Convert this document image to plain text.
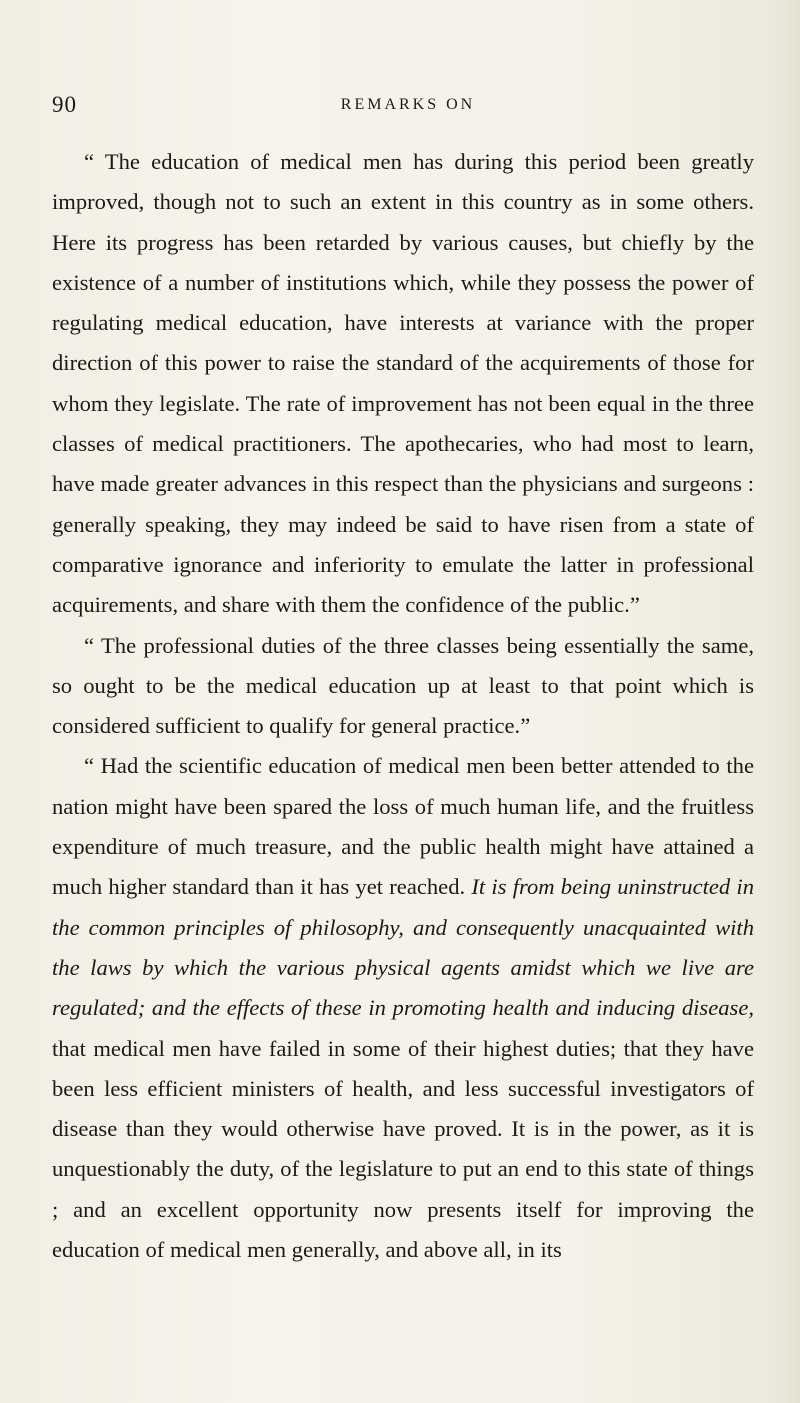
90	REMARKS ON

“ The education of medical men has during this period been greatly improved, though not to such an extent in this country as in some others. Here its progress has been retarded by various causes, but chiefly by the existence of a number of institutions which, while they possess the power of regulating medical education, have interests at variance with the proper direction of this power to raise the standard of the acquirements of those for whom they legislate. The rate of improvement has not been equal in the three classes of medical practitioners. The apothecaries, who had most to learn, have made greater advances in this respect than the physicians and surgeons : generally speaking, they may indeed be said to have risen from a state of comparative ignorance and inferiority to emulate the latter in professional acquirements, and share with them the confidence of the public.”

“ The professional duties of the three classes being essentially the same, so ought to be the medical education up at least to that point which is considered sufficient to qualify for general practice.”

“ Had the scientific education of medical men been better attended to the nation might have been spared the loss of much human life, and the fruitless expenditure of much treasure, and the public health might have attained a much higher standard than it has yet reached. It is from being uninstructed in the common principles of philosophy, and consequently unacquainted with the laws by which the various physical agents amidst which we live are regulated; and the effects of these in promoting health and inducing disease, that medical men have failed in some of their highest duties; that they have been less efficient ministers of health, and less successful investigators of disease than they would otherwise have proved. It is in the power, as it is unquestionably the duty, of the legislature to put an end to this state of things ; and an excellent opportunity now presents itself for improving the education of medical men generally, and above all, in its
